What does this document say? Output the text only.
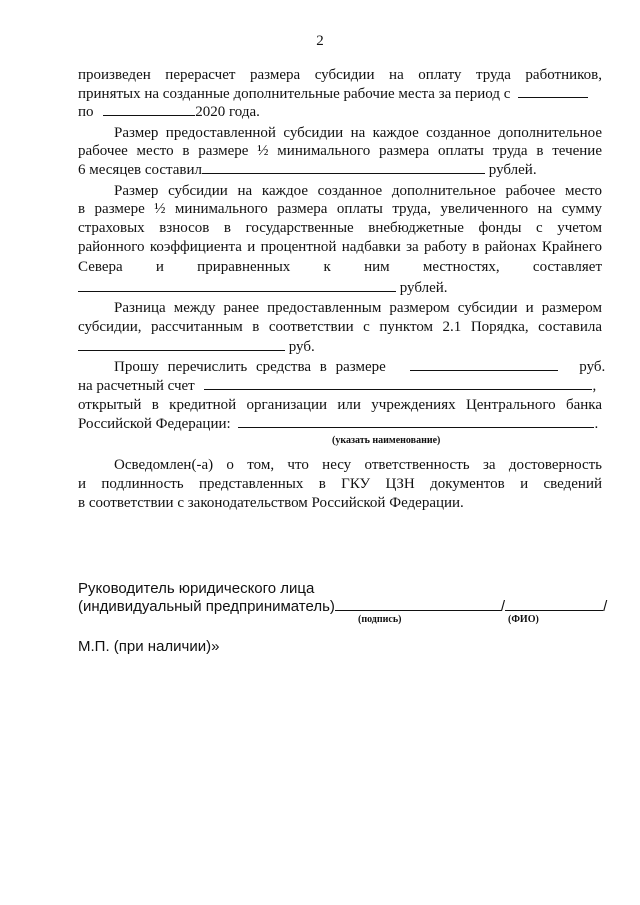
2
произведен перерасчет размера субсидии на оплату труда работников,
принятых на созданные дополнительные рабочие места за период с
по	2020 года.
Размер предоставленной субсидии на каждое созданное дополнительное
рабочее место в размере ½ минимального размера оплаты труда в течение
6 месяцев составил	рублей.
Размер субсидии на каждое созданное дополнительное рабочее место
в размере ½ минимального размера оплаты труда, увеличенного на сумму
страховых взносов в государственные внебюджетные фонды с учетом
районного коэффициента и процентной надбавки за работу в районах Крайнего
Севера и приравненных к ним местностях, составляет
рублей.
Разница между ранее предоставленным размером субсидии и размером
субсидии, рассчитанным в соответствии с пунктом 2.1 Порядка, составила
руб.
Прошу перечислить средства в размере	руб.
на расчетный счет	,
открытый в кредитной организации или учреждениях Центрального банка
Российской Федерации:	.
(указать наименование)
Осведомлен(-а) о том, что несу ответственность за достоверность
и подлинность представленных в ГКУ ЦЗН документов и сведений
в соответствии с законодательством Российской Федерации.
Руководитель юридического лица
(индивидуальный предприниматель)	/	/
(подпись)	(ФИО)
М.П. (при наличии)»
